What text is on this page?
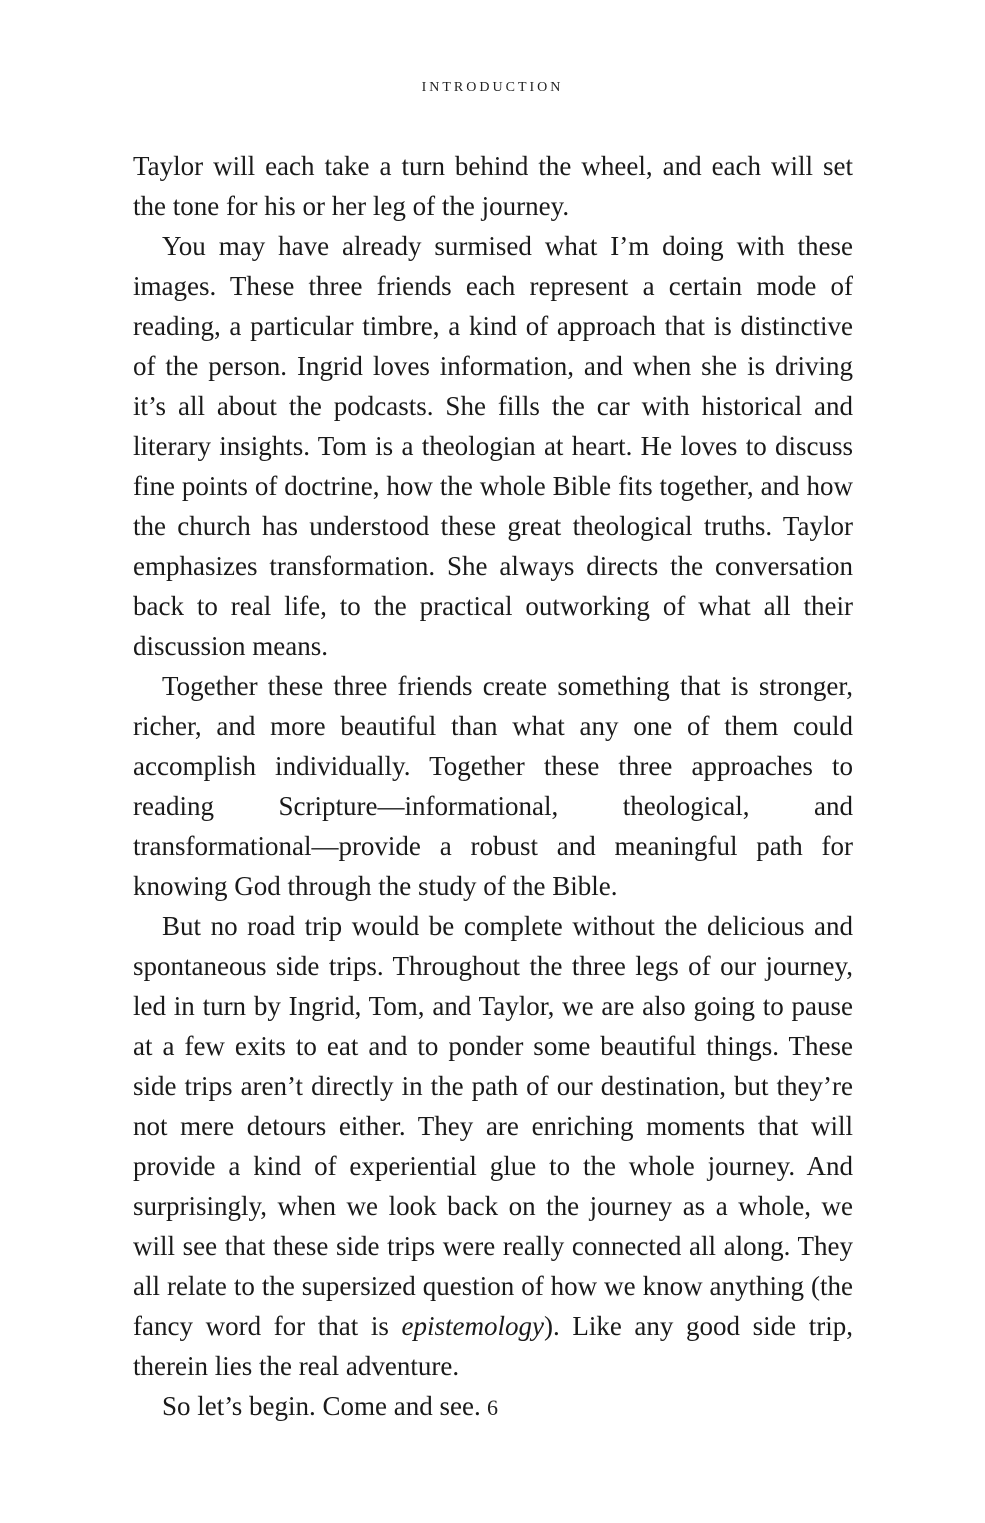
INTRODUCTION

Taylor will each take a turn behind the wheel, and each will set the tone for his or her leg of the journey.

You may have already surmised what I’m doing with these images. These three friends each represent a certain mode of reading, a particular timbre, a kind of approach that is distinctive of the person. Ingrid loves information, and when she is driving it’s all about the podcasts. She fills the car with historical and literary insights. Tom is a theologian at heart. He loves to discuss fine points of doctrine, how the whole Bible fits together, and how the church has understood these great theological truths. Taylor emphasizes transformation. She always directs the conversation back to real life, to the practical outworking of what all their discussion means.

Together these three friends create something that is stronger, richer, and more beautiful than what any one of them could accomplish individually. Together these three approaches to reading Scripture—informational, theological, and transformational—provide a robust and meaningful path for knowing God through the study of the Bible.

But no road trip would be complete without the delicious and spontaneous side trips. Throughout the three legs of our journey, led in turn by Ingrid, Tom, and Taylor, we are also going to pause at a few exits to eat and to ponder some beautiful things. These side trips aren’t directly in the path of our destination, but they’re not mere detours either. They are enriching moments that will provide a kind of experiential glue to the whole journey. And surprisingly, when we look back on the journey as a whole, we will see that these side trips were really connected all along. They all relate to the supersized question of how we know anything (the fancy word for that is epistemology). Like any good side trip, therein lies the real adventure.

So let’s begin. Come and see. 6
